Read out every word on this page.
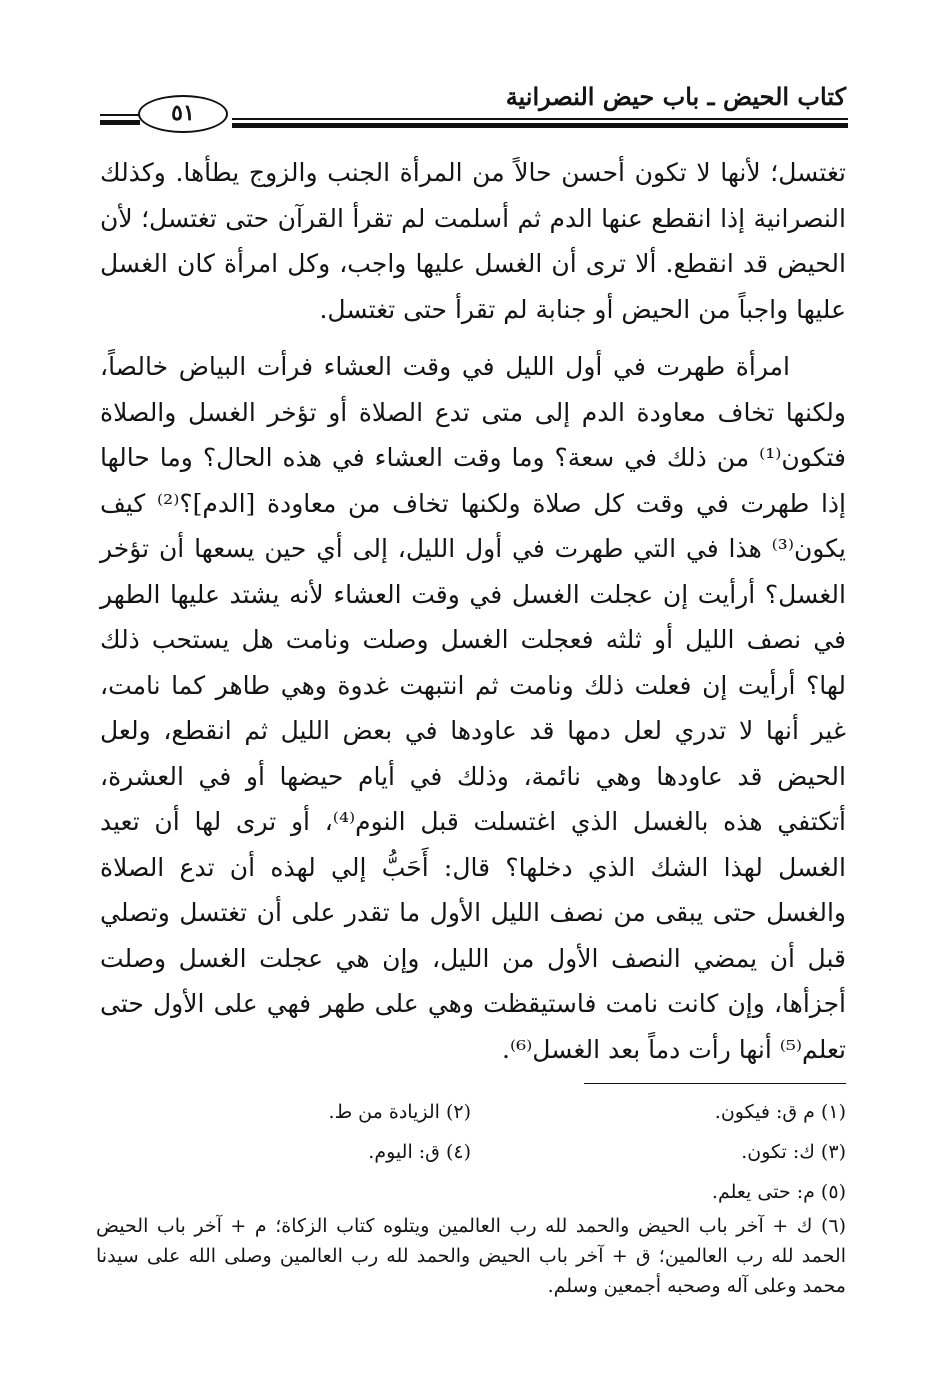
كتاب الحيض ـ باب حيض النصرانية
٥١

تغتسل؛ لأنها لا تكون أحسن حالاً من المرأة الجنب والزوج يطأها. وكذلك النصرانية إذا انقطع عنها الدم ثم أسلمت لم تقرأ القرآن حتى تغتسل؛ لأن الحيض قد انقطع. ألا ترى أن الغسل عليها واجب، وكل امرأة كان الغسل عليها واجباً من الحيض أو جنابة لم تقرأ حتى تغتسل.

امرأة طهرت في أول الليل في وقت العشاء فرأت البياض خالصاً، ولكنها تخاف معاودة الدم إلى متى تدع الصلاة أو تؤخر الغسل والصلاة فتكون⁽¹⁾ من ذلك في سعة؟ وما وقت العشاء في هذه الحال؟ وما حالها إذا طهرت في وقت كل صلاة ولكنها تخاف من معاودة [الدم]؟⁽²⁾ كيف يكون⁽³⁾ هذا في التي طهرت في أول الليل، إلى أي حين يسعها أن تؤخر الغسل؟ أرأيت إن عجلت الغسل في وقت العشاء لأنه يشتد عليها الطهر في نصف الليل أو ثلثه فعجلت الغسل وصلت ونامت هل يستحب ذلك لها؟ أرأيت إن فعلت ذلك ونامت ثم انتبهت غدوة وهي طاهر كما نامت، غير أنها لا تدري لعل دمها قد عاودها في بعض الليل ثم انقطع، ولعل الحيض قد عاودها وهي نائمة، وذلك في أيام حيضها أو في العشرة، أتكتفي هذه بالغسل الذي اغتسلت قبل النوم⁽⁴⁾، أو ترى لها أن تعيد الغسل لهذا الشك الذي دخلها؟ قال: أَحَبُّ إلي لهذه أن تدع الصلاة والغسل حتى يبقى من نصف الليل الأول ما تقدر على أن تغتسل وتصلي قبل أن يمضي النصف الأول من الليل، وإن هي عجلت الغسل وصلت أجزأها، وإن كانت نامت فاستيقظت وهي على طهر فهي على الأول حتى تعلم⁽⁵⁾ أنها رأت دماً بعد الغسل⁽⁶⁾.

(١) م ق: فيكون.
(٢) الزيادة من ط.
(٣) ك: تكون.
(٤) ق: اليوم.
(٥) م: حتى يعلم.
(٦) ك + آخر باب الحيض والحمد لله رب العالمين ويتلوه كتاب الزكاة؛ م + آخر باب الحيض الحمد لله رب العالمين؛ ق + آخر باب الحيض والحمد لله رب العالمين وصلى الله على سيدنا محمد وعلى آله وصحبه أجمعين وسلم.
